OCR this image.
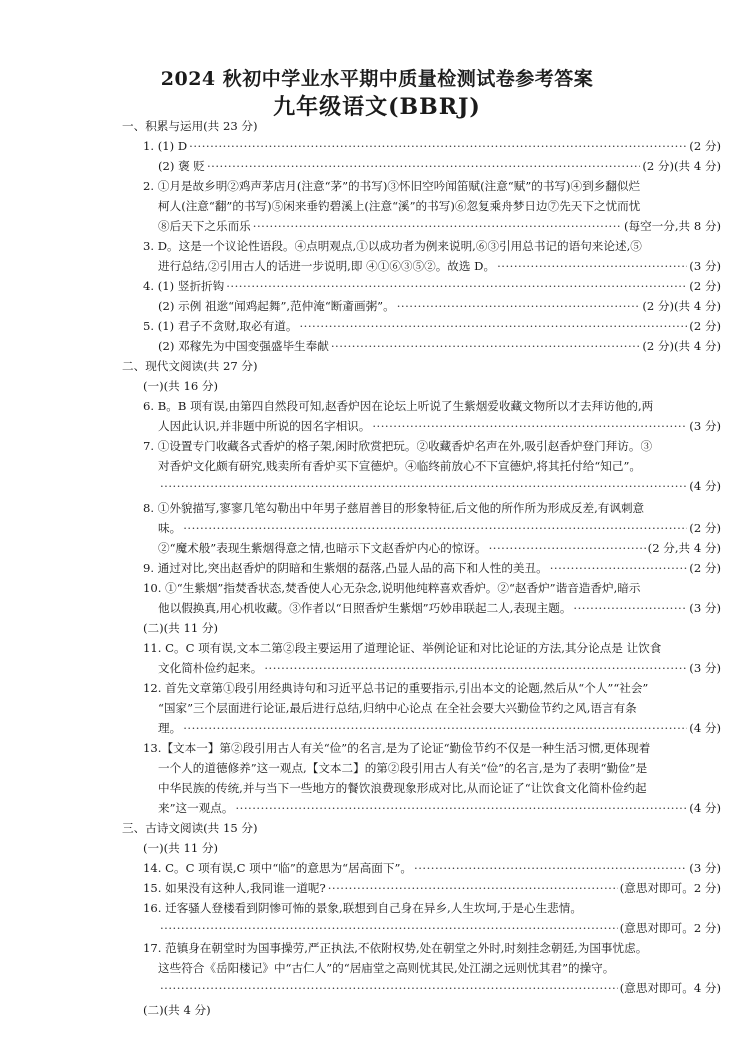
2024 秋初中学业水平期中质量检测试卷参考答案
九年级语文(BBRJ)
一、积累与运用(共 23 分)
1. (1) D ·····	(2 分)
(2) 褒 贬 ·····	(2 分)(共 4 分)
2. ①月是故乡明②鸡声茅店月(注意“茅”的书写)③怀旧空吟闻笛赋(注意“赋”的书写)④到乡翻似烂
柯人(注意“翻”的书写)⑤闲来垂钓碧溪上(注意“溪”的书写)⑥忽复乘舟梦日边⑦先天下之忧而忧
⑧后天下之乐而乐 ·····	(每空一分,共 8 分)
3. D。这是一个议论性语段。④点明观点,①以成功者为例来说明,⑥③引用总书记的语句来论述,⑤
进行总结,②引用古人的话进一步说明,即 ④①⑥③⑤②。故选 D。 ·····	(3 分)
4. (1) 竖折折钩 ·····	(2 分)
(2) 示例 祖逖“闻鸡起舞”,范仲淹“断齑画粥”。 ·····	(2 分)(共 4 分)
5. (1) 君子不贪财,取必有道。 ·····	(2 分)
(2) 邓稼先为中国变强盛毕生奉献 ·····	(2 分)(共 4 分)
二、现代文阅读(共 27 分)
(一)(共 16 分)
6. B。B 项有误,由第四自然段可知,赵香炉因在论坛上听说了生紫烟爱收藏文物所以才去拜访他的,两
人因此认识,并非题中所说的因名字相识。 ·····	(3 分)
7. ①设置专门收藏各式香炉的格子架,闲时欣赏把玩。②收藏香炉名声在外,吸引赵香炉登门拜访。③
对香炉文化颇有研究,贱卖所有香炉买下宣德炉。④临终前放心不下宣德炉,将其托付给“知己”。
·····
(4 分)
8. ①外貌描写,寥寥几笔勾勒出中年男子慈眉善目的形象特征,后文他的所作所为形成反差,有讽刺意
味。 ·····	(2 分)
②“魔术般”表现生紫烟得意之情,也暗示下文赵香炉内心的惊讶。 ·····	(2 分,共 4 分)
9. 通过对比,突出赵香炉的阴暗和生紫烟的磊落,凸显人品的高下和人性的美丑。 ·····	(2 分)
10. ①“生紫烟”指焚香状态,焚香使人心无杂念,说明他纯粹喜欢香炉。②“赵香炉”谐音造香炉,暗示
他以假换真,用心机收藏。③作者以“日照香炉生紫烟”巧妙串联起二人,表现主题。 ·····	(3 分)
(二)(共 11 分)
11. C。C 项有误,文本二第②段主要运用了道理论证、举例论证和对比论证的方法,其分论点是 让饮食
文化简朴俭约起来。 ·····	(3 分)
12. 首先文章第①段引用经典诗句和习近平总书记的重要指示,引出本文的论题,然后从“个人”“社会”
“国家”三个层面进行论证,最后进行总结,归纳中心论点 在全社会要大兴勤俭节约之风,语言有条
理。 ·····	(4 分)
13.【文本一】第②段引用古人有关“俭”的名言,是为了论证“勤俭节约不仅是一种生活习惯,更体现着
一个人的道德修养”这一观点,【文本二】的第②段引用古人有关“俭”的名言,是为了表明“勤俭”是
中华民族的传统,并与当下一些地方的餐饮浪费现象形成对比,从而论证了“让饮食文化简朴俭约起
来”这一观点。 ·····	(4 分)
三、古诗文阅读(共 15 分)
(一)(共 11 分)
14. C。C 项有误,C 项中“临”的意思为“居高面下”。 ·····	(3 分)
15. 如果没有这种人,我同谁一道呢? ·····	(意思对即可。2 分)
16. 迁客骚人登楼看到阴惨可怖的景象,联想到自己身在异乡,人生坎坷,于是心生悲情。
·····
(意思对即可。2 分)
17. 范镇身在朝堂时为国事操劳,严正执法,不依附权势,处在朝堂之外时,时刻挂念朝廷,为国事忧虑。
这些符合《岳阳楼记》中“古仁人”的“居庙堂之高则忧其民,处江湖之远则忧其君”的操守。
·····
(意思对即可。4 分)
(二)(共 4 分)
